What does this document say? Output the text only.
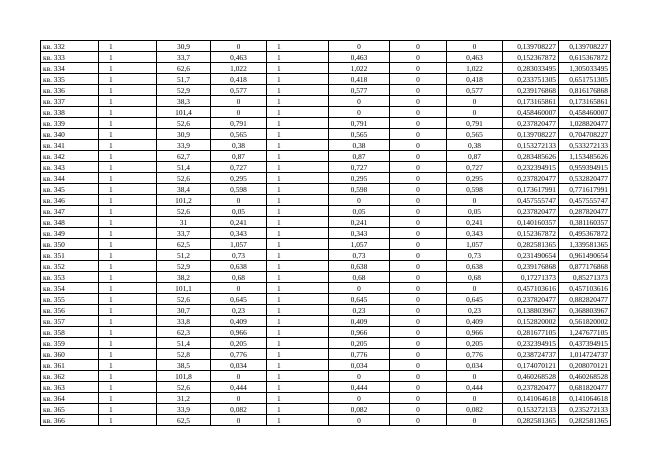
кв. 332	1	30,9	0	1	0	0	0	0,139708227	0,139708227
кв. 333	1	33,7	0,463	1	0,463	0	0,463	0,152367872	0,615367872
кв. 334	1	62,6	1,022	1	1,022	0	1,022	0,283033495	1,305033495
кв. 335	1	51,7	0,418	1	0,418	0	0,418	0,233751305	0,651751305
кв. 336	1	52,9	0,577	1	0,577	0	0,577	0,239176868	0,816176868
кв. 337	1	38,3	0	1	0	0	0	0,173165861	0,173165861
кв. 338	1	101,4	0	1	0	0	0	0,458460007	0,458460007
кв. 339	1	52,6	0,791	1	0,791	0	0,791	0,237820477	1,028820477
кв. 340	1	30,9	0,565	1	0,565	0	0,565	0,139708227	0,704708227
кв. 341	1	33,9	0,38	1	0,38	0	0,38	0,153272133	0,533272133
кв. 342	1	62,7	0,87	1	0,87	0	0,87	0,283485626	1,153485626
кв. 343	1	51,4	0,727	1	0,727	0	0,727	0,232394915	0,959394915
кв. 344	1	52,6	0,295	1	0,295	0	0,295	0,237820477	0,532820477
кв. 345	1	38,4	0,598	1	0,598	0	0,598	0,173617991	0,771617991
кв. 346	1	101,2	0	1	0	0	0	0,457555747	0,457555747
кв. 347	1	52,6	0,05	1	0,05	0	0,05	0,237820477	0,287820477
кв. 348	1	31	0,241	1	0,241	0	0,241	0,140160357	0,381160357
кв. 349	1	33,7	0,343	1	0,343	0	0,343	0,152367872	0,495367872
кв. 350	1	62,5	1,057	1	1,057	0	1,057	0,282581365	1,339581365
кв. 351	1	51,2	0,73	1	0,73	0	0,73	0,231490654	0,961490654
кв. 352	1	52,9	0,638	1	0,638	0	0,638	0,239176868	0,877176868
кв. 353	1	38,2	0,68	1	0,68	0	0,68	0,17271373	0,85271373
кв. 354	1	101,1	0	1	0	0	0	0,457103616	0,457103616
кв. 355	1	52,6	0,645	1	0,645	0	0,645	0,237820477	0,882820477
кв. 356	1	30,7	0,23	1	0,23	0	0,23	0,138803967	0,368803967
кв. 357	1	33,8	0,409	1	0,409	0	0,409	0,152820002	0,561820002
кв. 358	1	62,3	0,966	1	0,966	0	0,966	0,281677105	1,247677105
кв. 359	1	51,4	0,205	1	0,205	0	0,205	0,232394915	0,437394915
кв. 360	1	52,8	0,776	1	0,776	0	0,776	0,238724737	1,014724737
кв. 361	1	38,5	0,034	1	0,034	0	0,034	0,174070121	0,208070121
кв. 362	1	101,8	0	1	0	0	0	0,460268528	0,460268528
кв. 363	1	52,6	0,444	1	0,444	0	0,444	0,237820477	0,681820477
кв. 364	1	31,2	0	1	0	0	0	0,141064618	0,141064618
кв. 365	1	33,9	0,082	1	0,082	0	0,082	0,153272133	0,235272133
кв. 366	1	62,5	0	1	0	0	0	0,282581365	0,282581365
